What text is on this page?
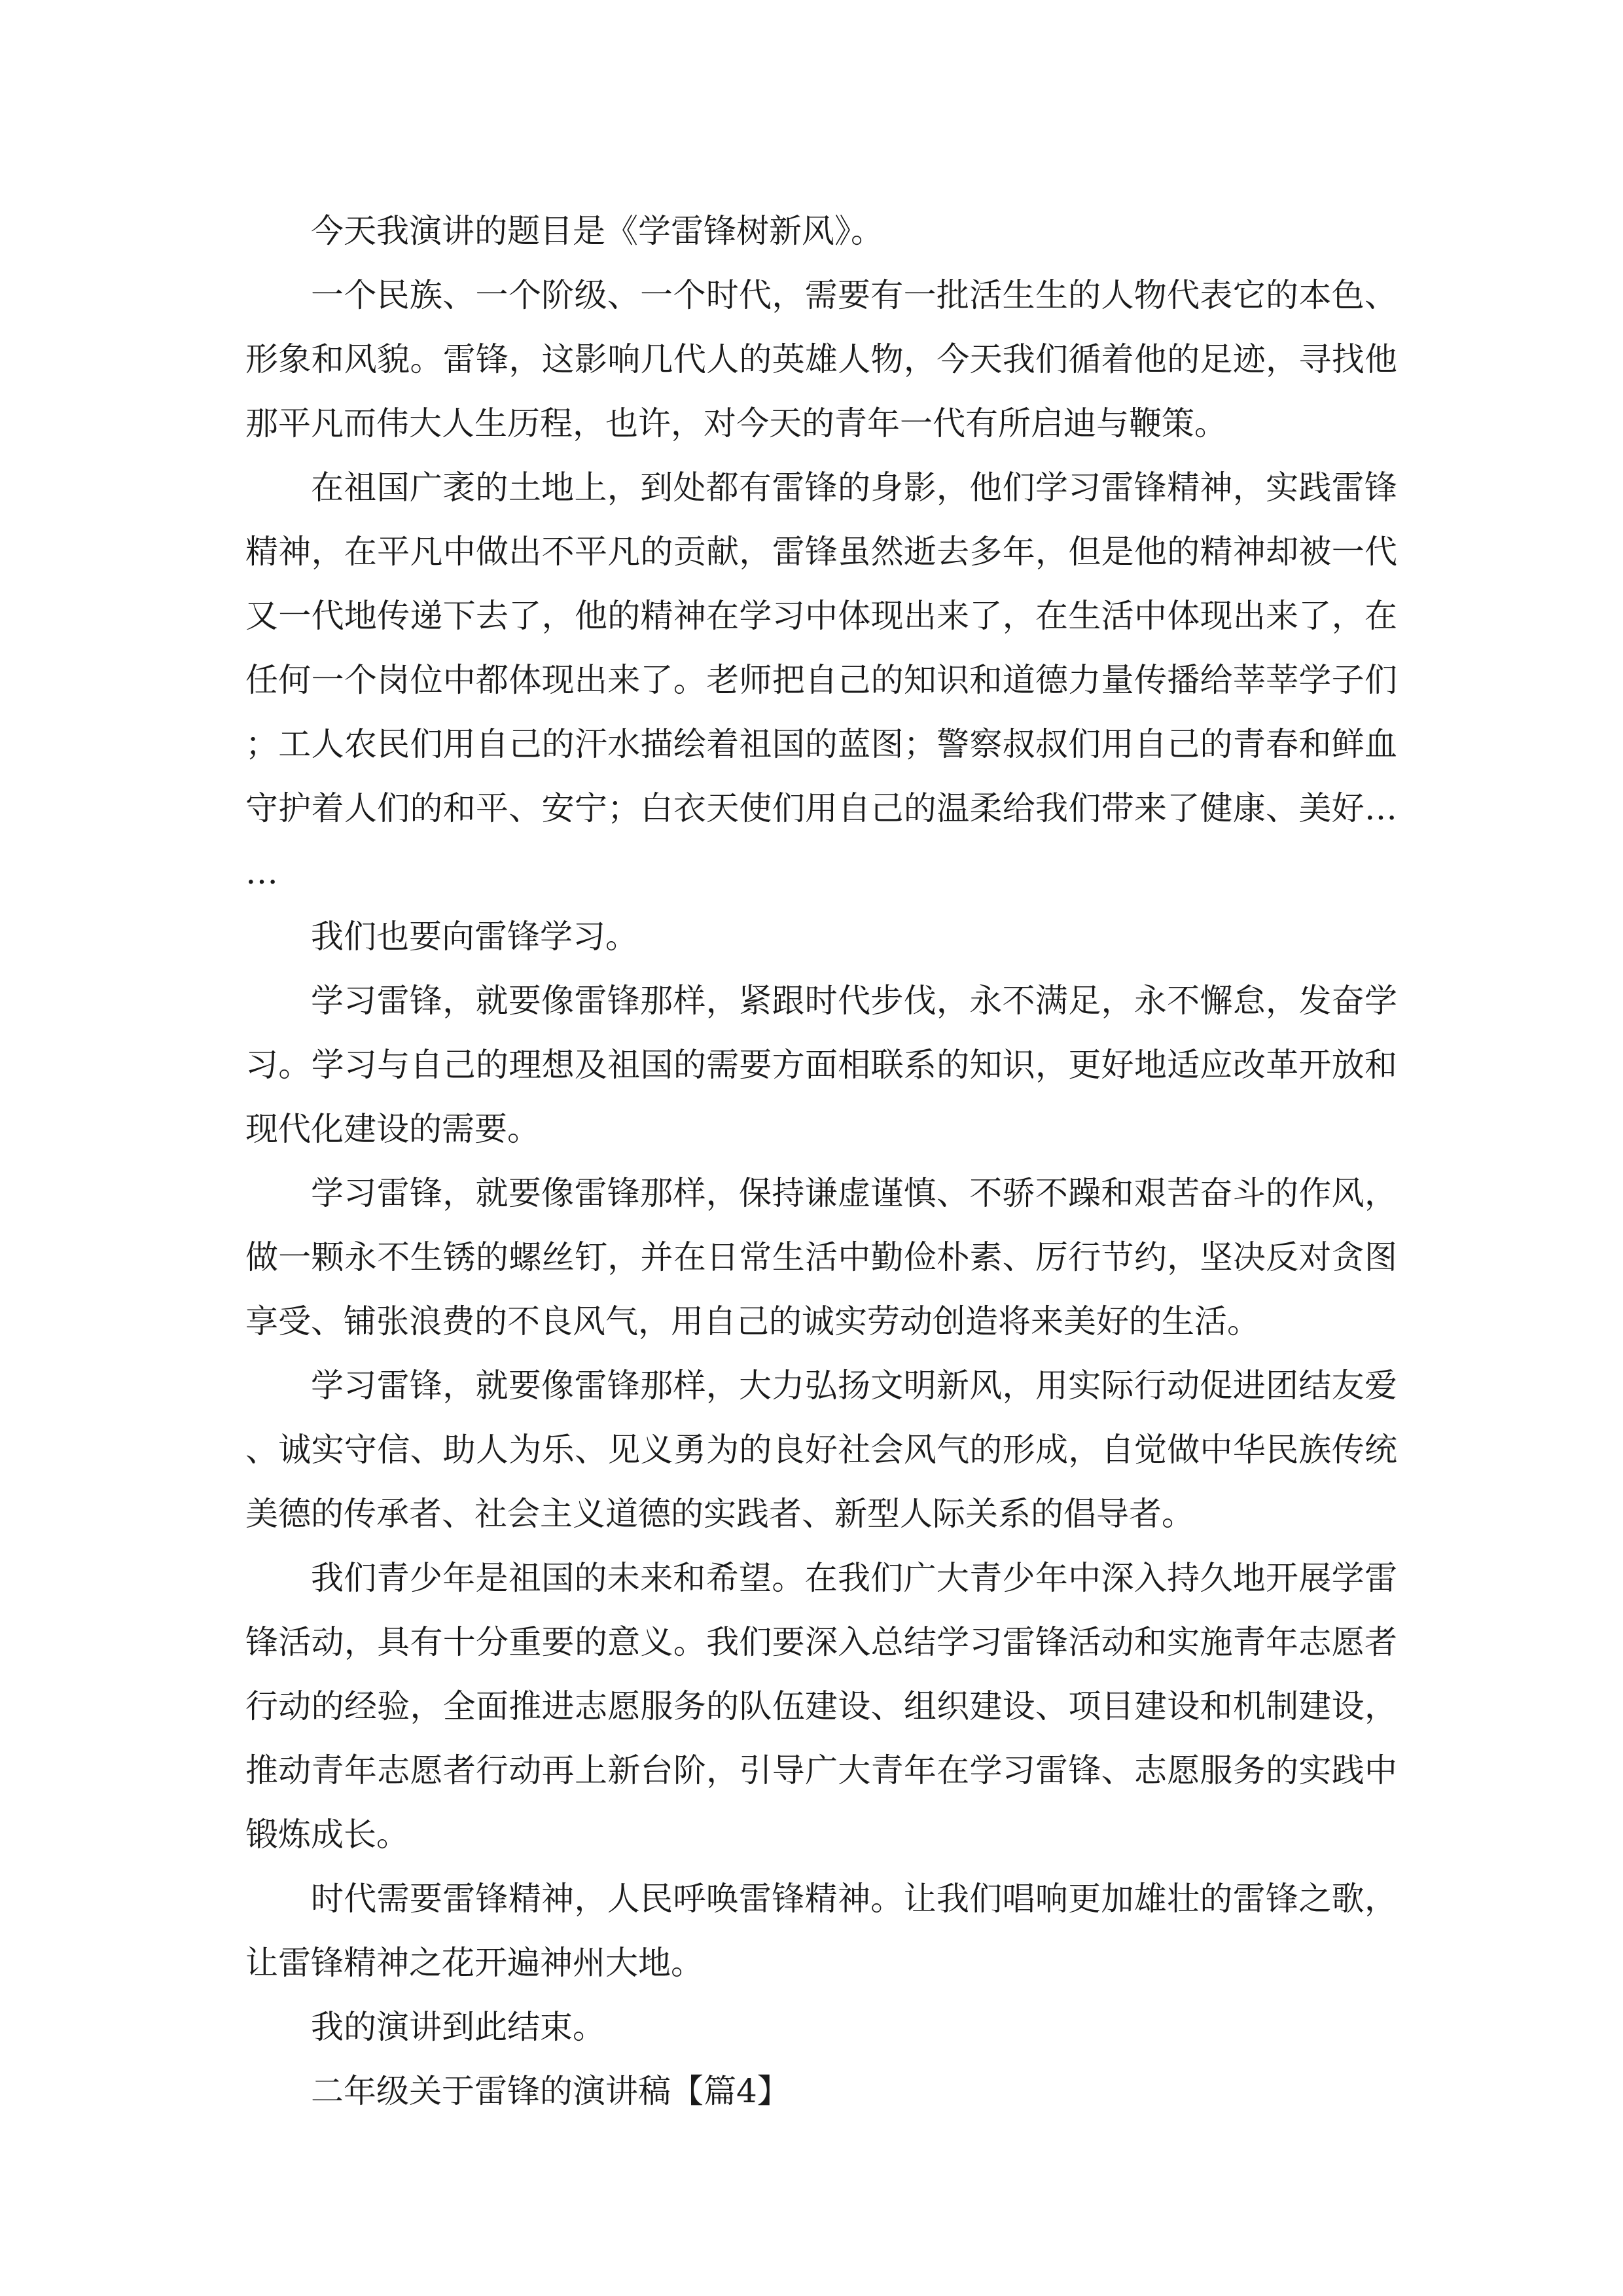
今天我演讲的题目是《学雷锋树新风》。

一个民族、一个阶级、一个时代，需要有一批活生生的人物代表它的本色、形象和风貌。雷锋，这影响几代人的英雄人物，今天我们循着他的足迹，寻找他那平凡而伟大人生历程，也许，对今天的青年一代有所启迪与鞭策。

在祖国广袤的土地上，到处都有雷锋的身影，他们学习雷锋精神，实践雷锋精神，在平凡中做出不平凡的贡献，雷锋虽然逝去多年，但是他的精神却被一代又一代地传递下去了，他的精神在学习中体现出来了，在生活中体现出来了，在任何一个岗位中都体现出来了。老师把自己的知识和道德力量传播给莘莘学子们；工人农民们用自己的汗水描绘着祖国的蓝图；警察叔叔们用自己的青春和鲜血守护着人们的和平、安宁；白衣天使们用自己的温柔给我们带来了健康、美好……

我们也要向雷锋学习。

学习雷锋，就要像雷锋那样，紧跟时代步伐，永不满足，永不懈怠，发奋学习。学习与自己的理想及祖国的需要方面相联系的知识，更好地适应改革开放和现代化建设的需要。

学习雷锋，就要像雷锋那样，保持谦虚谨慎、不骄不躁和艰苦奋斗的作风，做一颗永不生锈的螺丝钉，并在日常生活中勤俭朴素、厉行节约，坚决反对贪图享受、铺张浪费的不良风气，用自己的诚实劳动创造将来美好的生活。

学习雷锋，就要像雷锋那样，大力弘扬文明新风，用实际行动促进团结友爱、诚实守信、助人为乐、见义勇为的良好社会风气的形成，自觉做中华民族传统美德的传承者、社会主义道德的实践者、新型人际关系的倡导者。

我们青少年是祖国的未来和希望。在我们广大青少年中深入持久地开展学雷锋活动，具有十分重要的意义。我们要深入总结学习雷锋活动和实施青年志愿者行动的经验，全面推进志愿服务的队伍建设、组织建设、项目建设和机制建设，推动青年志愿者行动再上新台阶，引导广大青年在学习雷锋、志愿服务的实践中锻炼成长。

时代需要雷锋精神，人民呼唤雷锋精神。让我们唱响更加雄壮的雷锋之歌，让雷锋精神之花开遍神州大地。

我的演讲到此结束。

二年级关于雷锋的演讲稿【篇4】
